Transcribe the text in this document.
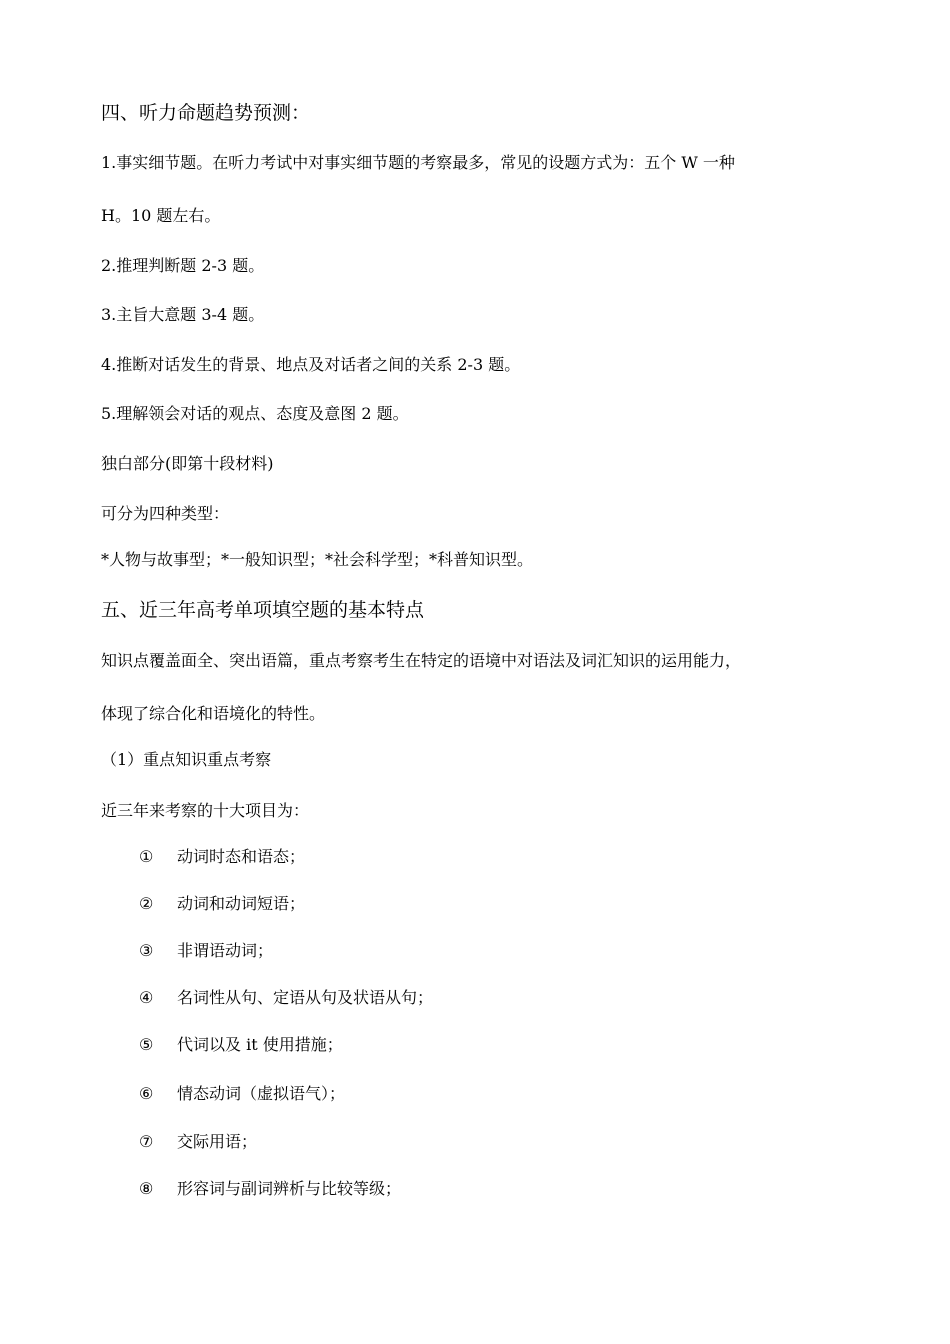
四、听力命题趋势预测：
1.事实细节题。在听力考试中对事实细节题的考察最多，常见的设题方式为：五个 W 一种
H。10 题左右。
2.推理判断题 2-3 题。
3.主旨大意题 3-4 题。
4.推断对话发生的背景、地点及对话者之间的关系 2-3 题。
5.理解领会对话的观点、态度及意图 2 题。
独白部分(即第十段材料)
可分为四种类型：
*人物与故事型；*一般知识型；*社会科学型；*科普知识型。
五、近三年高考单项填空题的基本特点
知识点覆盖面全、突出语篇，重点考察考生在特定的语境中对语法及词汇知识的运用能力，
体现了综合化和语境化的特性。
（1）重点知识重点考察
近三年来考察的十大项目为：
① 动词时态和语态；
② 动词和动词短语；
③ 非谓语动词；
④ 名词性从句、定语从句及状语从句；
⑤ 代词以及 it 使用措施；
⑥ 情态动词（虚拟语气）；
⑦ 交际用语；
⑧ 形容词与副词辨析与比较等级；
